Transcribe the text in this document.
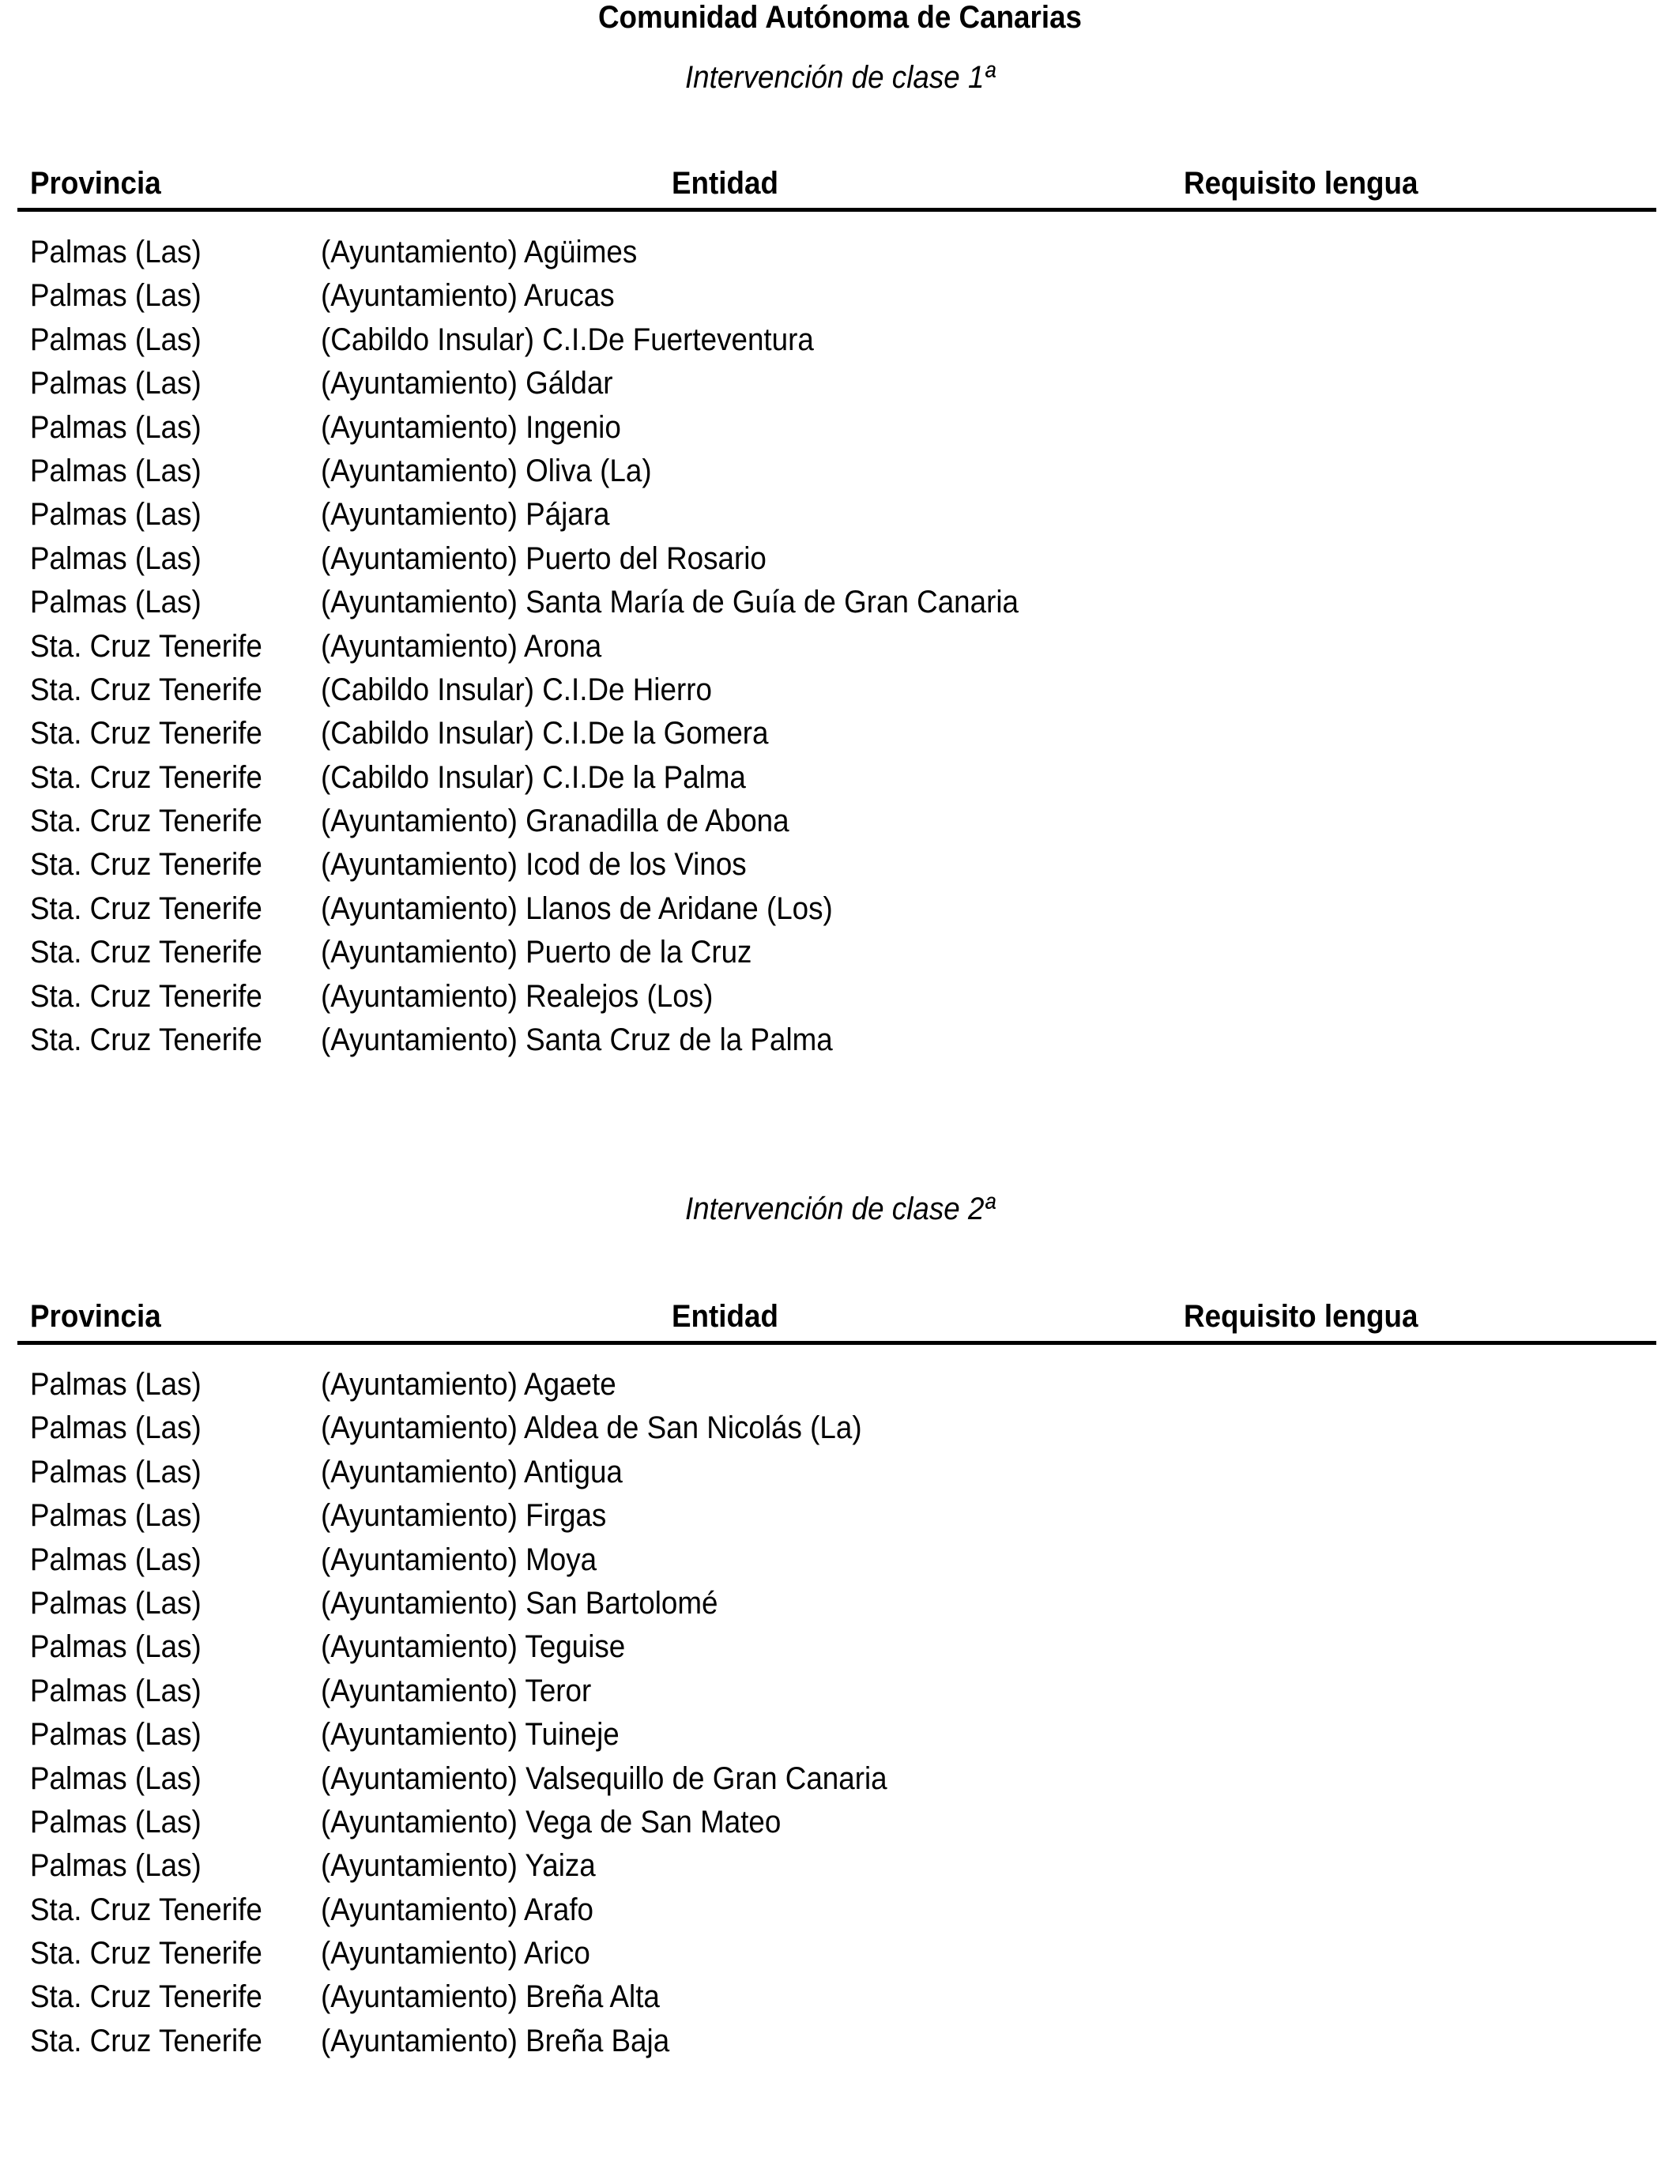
Comunidad Autónoma de Canarias
Intervención de clase 1ª
Provincia	Entidad	Requisito lengua
Palmas (Las)	(Ayuntamiento) Agüimes
Palmas (Las)	(Ayuntamiento) Arucas
Palmas (Las)	(Cabildo Insular) C.I.De Fuerteventura
Palmas (Las)	(Ayuntamiento) Gáldar
Palmas (Las)	(Ayuntamiento) Ingenio
Palmas (Las)	(Ayuntamiento) Oliva (La)
Palmas (Las)	(Ayuntamiento) Pájara
Palmas (Las)	(Ayuntamiento) Puerto del Rosario
Palmas (Las)	(Ayuntamiento) Santa María de Guía de Gran Canaria
Sta. Cruz Tenerife (Ayuntamiento) Arona
Sta. Cruz Tenerife (Cabildo Insular) C.I.De Hierro
Sta. Cruz Tenerife (Cabildo Insular) C.I.De la Gomera
Sta. Cruz Tenerife (Cabildo Insular) C.I.De la Palma
Sta. Cruz Tenerife (Ayuntamiento) Granadilla de Abona
Sta. Cruz Tenerife (Ayuntamiento) Icod de los Vinos
Sta. Cruz Tenerife (Ayuntamiento) Llanos de Aridane (Los)
Sta. Cruz Tenerife (Ayuntamiento) Puerto de la Cruz
Sta. Cruz Tenerife (Ayuntamiento) Realejos (Los)
Sta. Cruz Tenerife (Ayuntamiento) Santa Cruz de la Palma
Intervención de clase 2ª
Provincia	Entidad	Requisito lengua
Palmas (Las)	(Ayuntamiento) Agaete
Palmas (Las)	(Ayuntamiento) Aldea de San Nicolás (La)
Palmas (Las)	(Ayuntamiento) Antigua
Palmas (Las)	(Ayuntamiento) Firgas
Palmas (Las)	(Ayuntamiento) Moya
Palmas (Las)	(Ayuntamiento) San Bartolomé
Palmas (Las)	(Ayuntamiento) Teguise
Palmas (Las)	(Ayuntamiento) Teror
Palmas (Las)	(Ayuntamiento) Tuineje
Palmas (Las)	(Ayuntamiento) Valsequillo de Gran Canaria
Palmas (Las)	(Ayuntamiento) Vega de San Mateo
Palmas (Las)	(Ayuntamiento) Yaiza
Sta. Cruz Tenerife (Ayuntamiento) Arafo
Sta. Cruz Tenerife (Ayuntamiento) Arico
Sta. Cruz Tenerife (Ayuntamiento) Breña Alta
Sta. Cruz Tenerife (Ayuntamiento) Breña Baja
